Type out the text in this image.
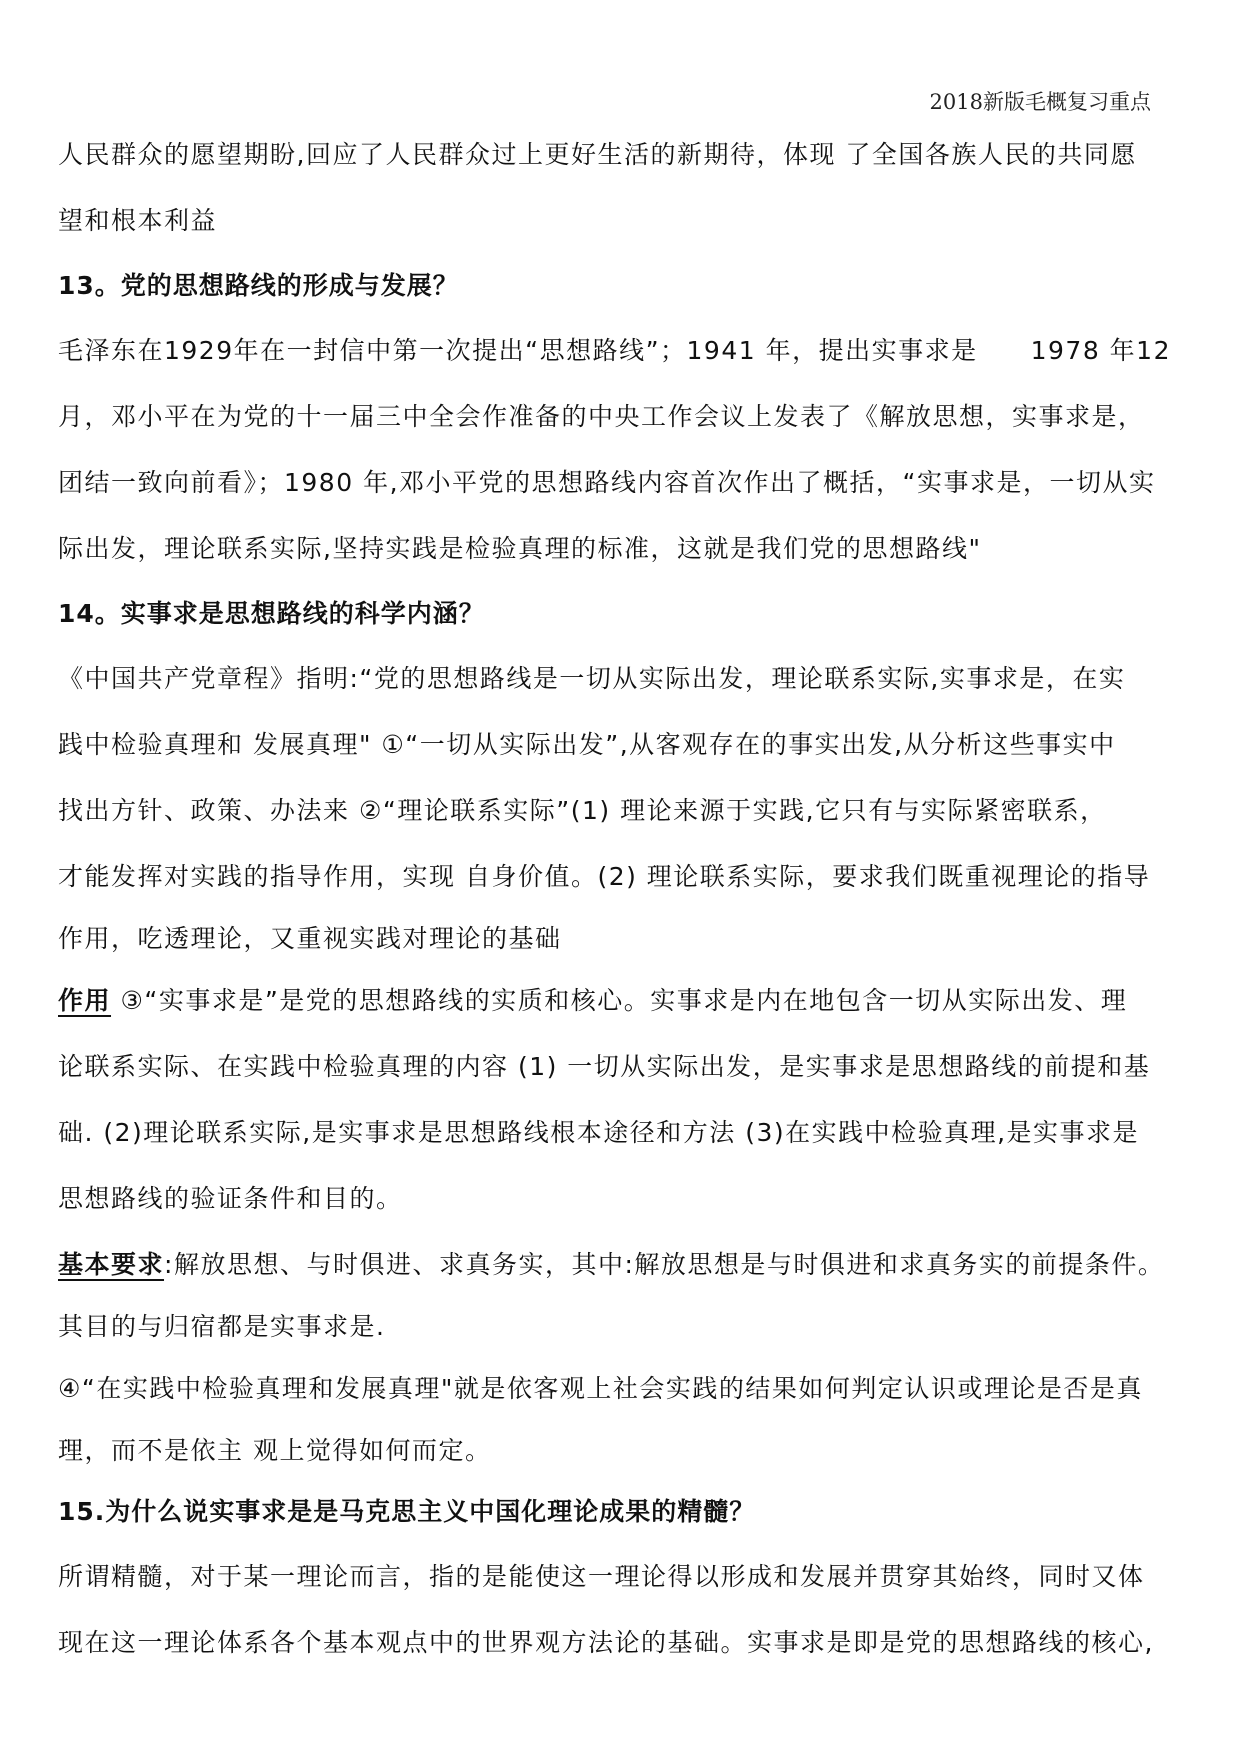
2018新版毛概复习重点

人民群众的愿望期盼,回应了人民群众过上更好生活的新期待，体现 了全国各族人民的共同愿

望和根本利益

13。党的思想路线的形成与发展？

毛泽东在1929年在一封信中第一次提出“思想路线”；1941 年，提出实事求是　　1978 年12

月，邓小平在为党的十一届三中全会作准备的中央工作会议上发表了《解放思想，实事求是，

团结一致向前看》；1980 年,邓小平党的思想路线内容首次作出了概括，“实事求是，一切从实

际出发，理论联系实际,坚持实践是检验真理的标准，这就是我们党的思想路线"

14。实事求是思想路线的科学内涵？

《中国共产党章程》指明:“党的思想路线是一切从实际出发，理论联系实际,实事求是，在实

践中检验真理和 发展真理" ①“一切从实际出发”,从客观存在的事实出发,从分析这些事实中

找出方针、政策、办法来 ②“理论联系实际”(1) 理论来源于实践,它只有与实际紧密联系，

才能发挥对实践的指导作用，实现 自身价值。(2) 理论联系实际，要求我们既重视理论的指导

作用，吃透理论，又重视实践对理论的基础

作用 ③“实事求是”是党的思想路线的实质和核心。实事求是内在地包含一切从实际出发、理

论联系实际、在实践中检验真理的内容 (1) 一切从实际出发，是实事求是思想路线的前提和基

础. (2)理论联系实际,是实事求是思想路线根本途径和方法 (3)在实践中检验真理,是实事求是

思想路线的验证条件和目的。

基本要求:解放思想、与时俱进、求真务实，其中:解放思想是与时俱进和求真务实的前提条件。

其目的与归宿都是实事求是.

④“在实践中检验真理和发展真理"就是依客观上社会实践的结果如何判定认识或理论是否是真

理，而不是依主 观上觉得如何而定。

15.为什么说实事求是是马克思主义中国化理论成果的精髓？

所谓精髓，对于某一理论而言，指的是能使这一理论得以形成和发展并贯穿其始终，同时又体

现在这一理论体系各个基本观点中的世界观方法论的基础。实事求是即是党的思想路线的核心,
